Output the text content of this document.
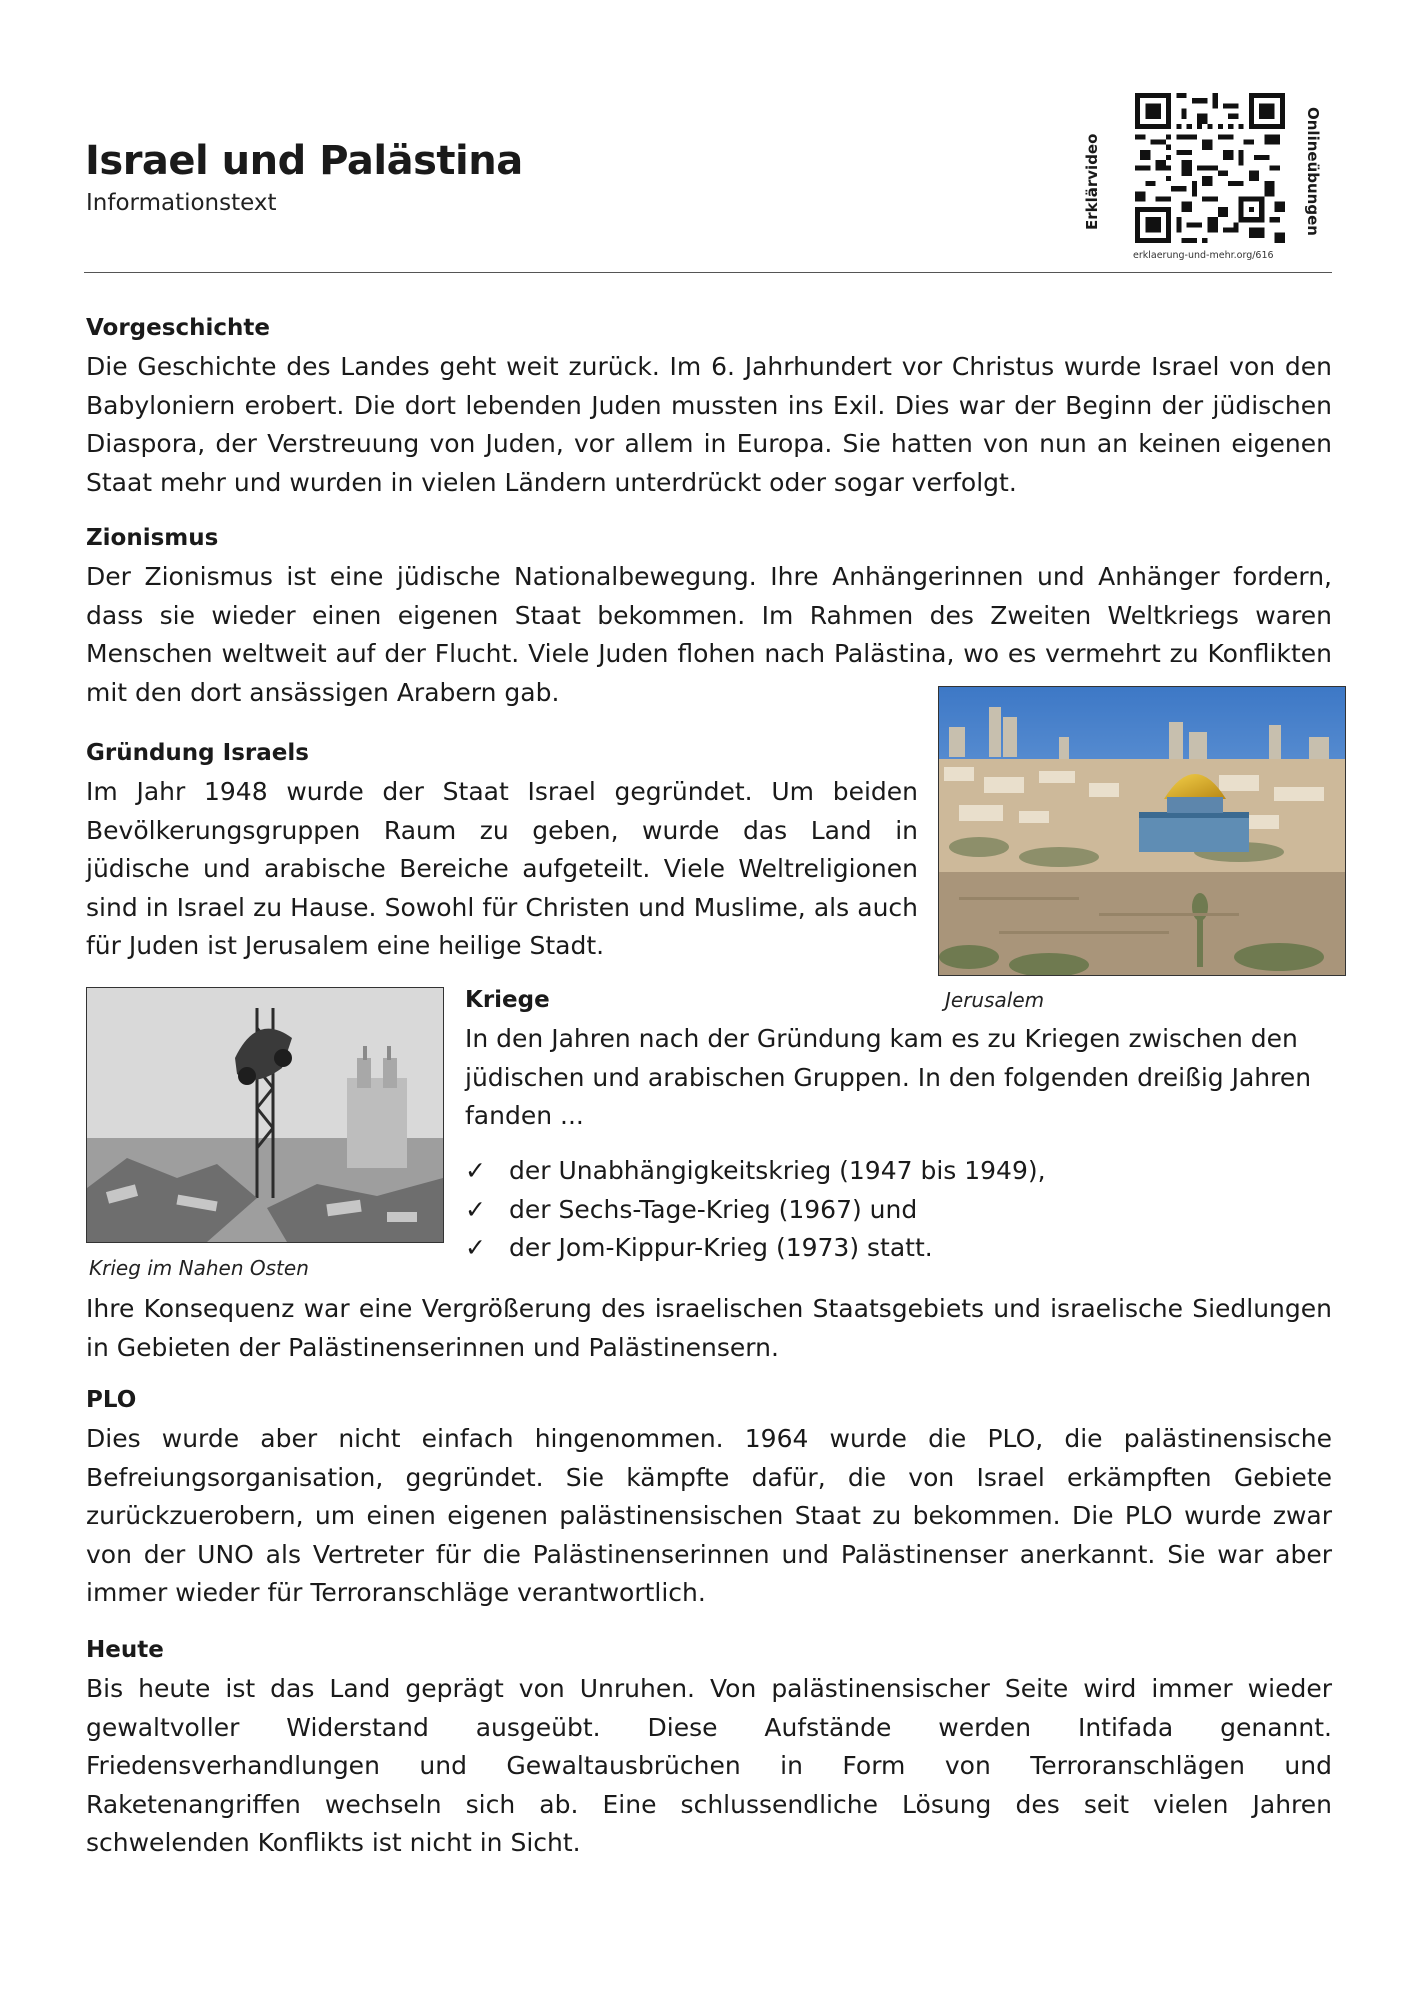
Israel und Palästina
Informationstext	Erklärvideo	Onlineübungen
erklaerung-und-mehr.org/616
Vorgeschichte
Die Geschichte des Landes geht weit zurück. Im 6. Jahrhundert vor Christus wurde Israel von den Babyloniern erobert. Die dort lebenden Juden mussten ins Exil. Dies war der Beginn der jüdischen Diaspora, der Verstreuung von Juden, vor allem in Europa. Sie hatten von nun an keinen eigenen Staat mehr und wurden in vielen Ländern unterdrückt oder sogar verfolgt.
Zionismus
Der Zionismus ist eine jüdische Nationalbewegung. Ihre Anhängerinnen und Anhänger fordern, dass sie wieder einen eigenen Staat bekommen. Im Rahmen des Zweiten Weltkriegs waren Menschen weltweit auf der Flucht. Viele Juden flohen nach Palästina, wo es vermehrt zu Konflikten mit den dort ansässigen Arabern gab.
Jerusalem
Gründung Israels
Im Jahr 1948 wurde der Staat Israel gegründet. Um beiden Bevölkerungsgruppen Raum zu geben, wurde das Land in jüdische und arabische Bereiche aufgeteilt. Viele Weltreligionen sind in Israel zu Hause. Sowohl für Christen und Muslime, als auch für Juden ist Jerusalem eine heilige Stadt.
Krieg im Nahen Osten
Kriege
In den Jahren nach der Gründung kam es zu Kriegen zwischen den jüdischen und arabischen Gruppen. In den folgenden dreißig Jahren fanden ...
✓ der Unabhängigkeitskrieg (1947 bis 1949),
✓ der Sechs-Tage-Krieg (1967) und
✓ der Jom-Kippur-Krieg (1973) statt.
Ihre Konsequenz war eine Vergrößerung des israelischen Staatsgebiets und israelische Siedlungen in Gebieten der Palästinenserinnen und Palästinensern.
PLO
Dies wurde aber nicht einfach hingenommen. 1964 wurde die PLO, die palästinensische Befreiungsorganisation, gegründet. Sie kämpfte dafür, die von Israel erkämpften Gebiete zurückzuerobern, um einen eigenen palästinensischen Staat zu bekommen. Die PLO wurde zwar von der UNO als Vertreter für die Palästinenserinnen und Palästinenser anerkannt. Sie war aber immer wieder für Terroranschläge verantwortlich.
Heute
Bis heute ist das Land geprägt von Unruhen. Von palästinensischer Seite wird immer wieder gewaltvoller Widerstand ausgeübt. Diese Aufstände werden Intifada genannt. Friedensverhandlungen und Gewaltausbrüchen in Form von Terroranschlägen und Raketenangriffen wechseln sich ab. Eine schlussendliche Lösung des seit vielen Jahren schwelenden Konflikts ist nicht in Sicht.
